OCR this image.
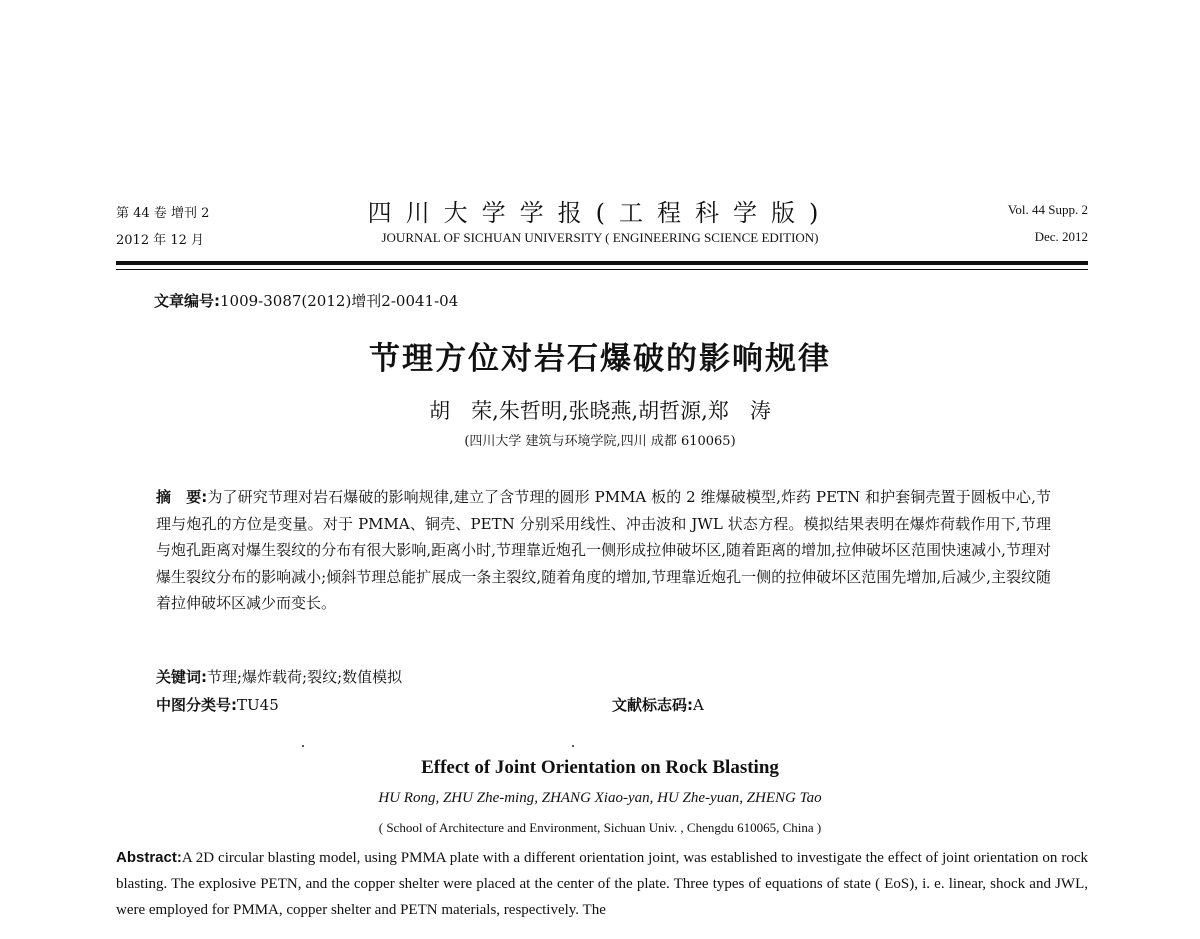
第 44 卷 增刊 2
2012 年 12 月
四川大学学报(工程科学版)
JOURNAL OF SICHUAN UNIVERSITY ( ENGINEERING SCIENCE EDITION)
Vol. 44 Supp. 2
Dec. 2012
文章编号:1009-3087(2012)增刊2-0041-04
节理方位对岩石爆破的影响规律
胡　荣,朱哲明,张晓燕,胡哲源,郑　涛
(四川大学 建筑与环境学院,四川 成都 610065)
摘　要:为了研究节理对岩石爆破的影响规律,建立了含节理的圆形 PMMA 板的 2 维爆破模型,炸药 PETN 和护套铜壳置于圆板中心,节理与炮孔的方位是变量。对于 PMMA、铜壳、PETN 分别采用线性、冲击波和 JWL 状态方程。模拟结果表明在爆炸荷载作用下,节理与炮孔距离对爆生裂纹的分布有很大影响,距离小时,节理靠近炮孔一侧形成拉伸破坏区,随着距离的增加,拉伸破坏区范围快速减小,节理对爆生裂纹分布的影响减小;倾斜节理总能扩展成一条主裂纹,随着角度的增加,节理靠近炮孔一侧的拉伸破坏区范围先增加,后减少,主裂纹随着拉伸破坏区减少而变长。
关键词:节理;爆炸载荷;裂纹;数值模拟
中图分类号:TU45	文献标志码:A
Effect of Joint Orientation on Rock Blasting
HU Rong, ZHU Zhe-ming, ZHANG Xiao-yan, HU Zhe-yuan, ZHENG Tao
( School of Architecture and Environment, Sichuan Univ. , Chengdu 610065, China )
Abstract:A 2D circular blasting model, using PMMA plate with a different orientation joint, was established to investigate the effect of joint orientation on rock blasting. The explosive PETN, and the copper shelter were placed at the center of the plate. Three types of equations of state ( EoS), i. e. linear, shock and JWL, were employed for PMMA, copper shelter and PETN materials, respectively. The
